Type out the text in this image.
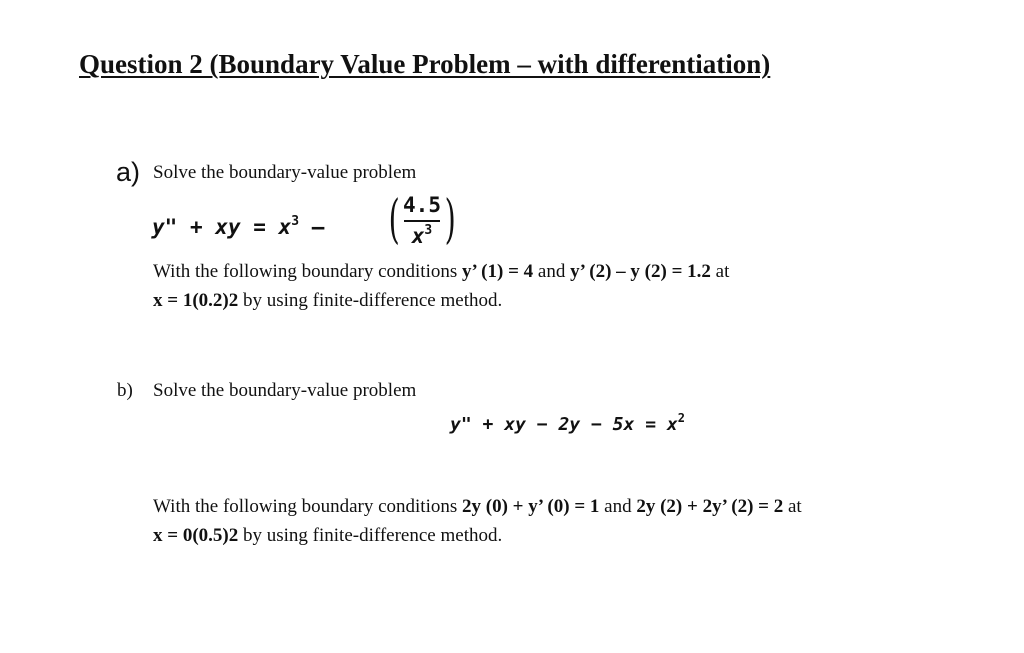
Question 2 (Boundary Value Problem – with differentiation)
a) Solve the boundary-value problem
y" + xy = $x^3$ – ( 4.5
$x^3$ )
With the following boundary conditions y’ (1) = 4 and y’ (2) – y (2) = 1.2 at
x = 1(0.2)2 by using finite-difference method.
b) Solve the boundary-value problem
y" + xy − $2y - 5x = x^2$
With the following boundary conditions 2y (0) + y’ (0) = 1 and 2y (2) + 2y’ (2) = 2 at
x = 0(0.5)2 by using finite-difference method.
